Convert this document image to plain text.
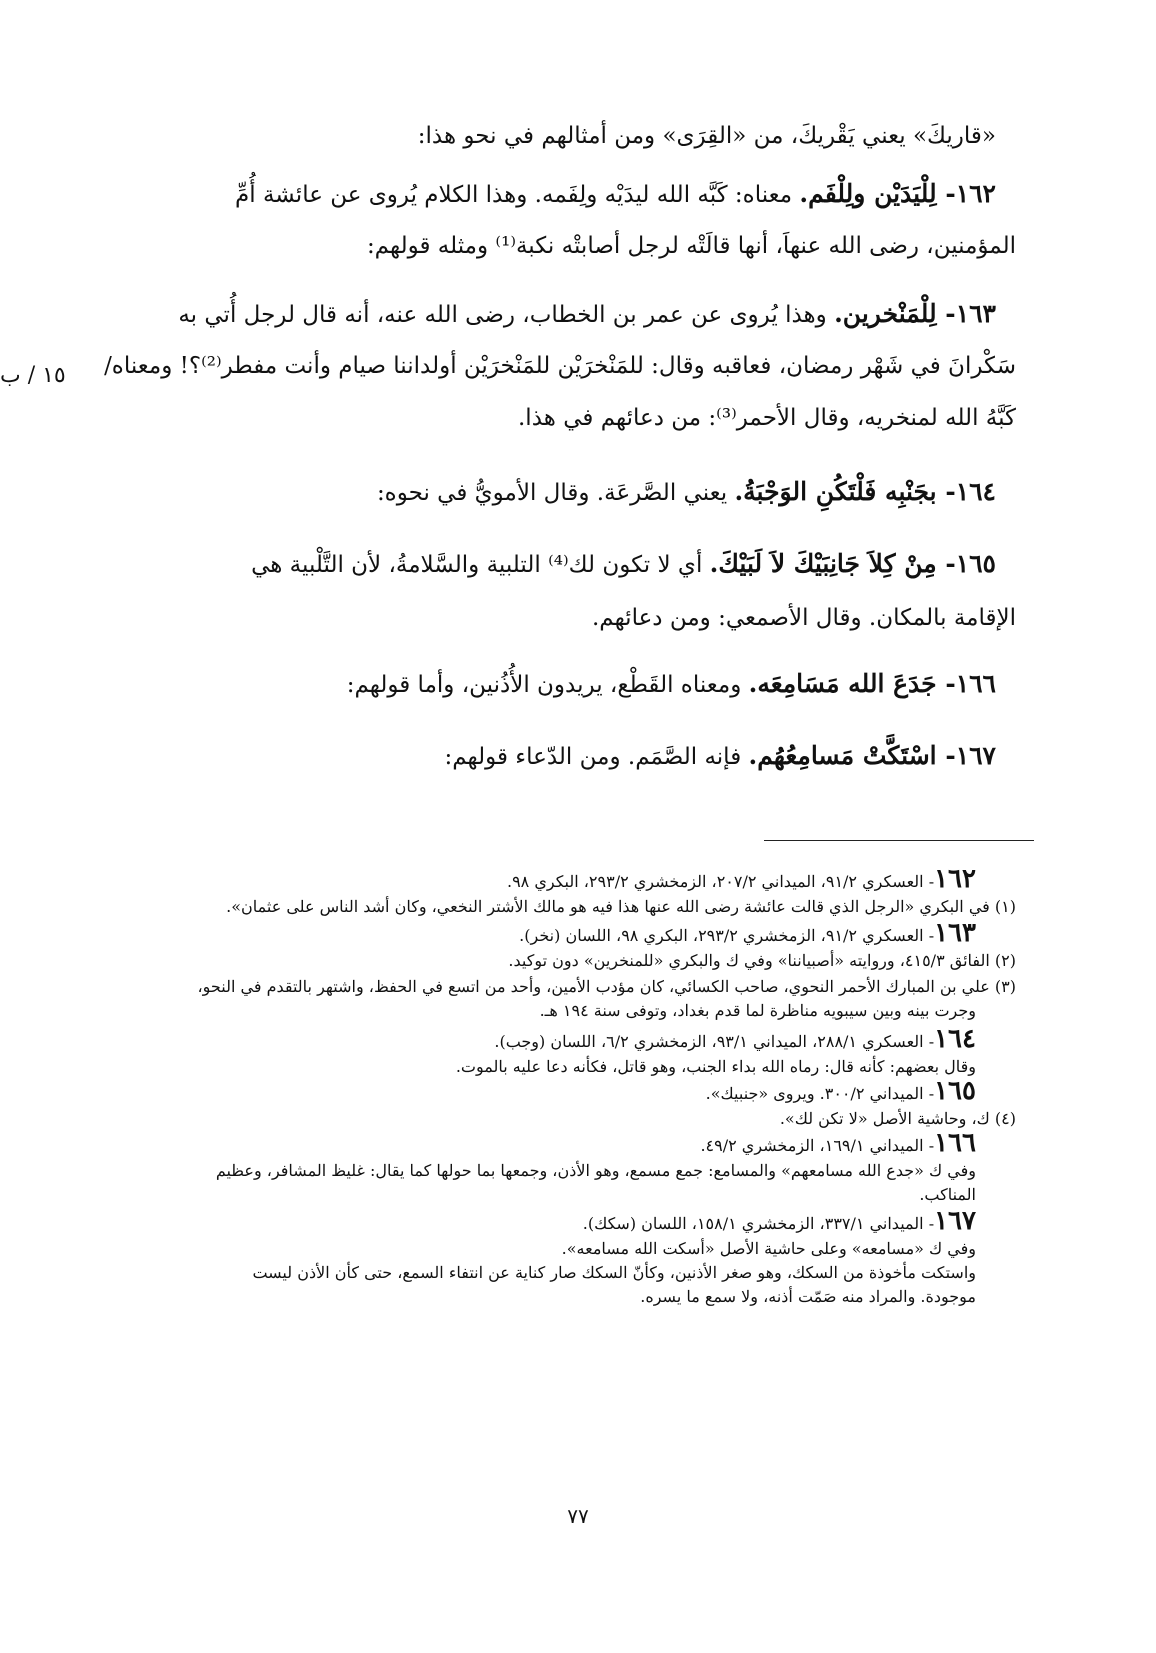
«قاريكَ» يعني يَقْريكَ، من «القِرَى» ومن أمثالهم في نحو هذا:
١٦٢- لِلْيَدَيْن ولِلْفَم. معناه: كَبَّه الله ليدَيْه ولِفَمه. وهذا الكلام يُروى عن عائشة أُمِّ
المؤمنين، رضى الله عنهاَ، أنها قالَتْه لرجل أصابتْه نكبة⁽¹⁾ ومثله قولهم:
١٦٣- لِلْمَنْخرين. وهذا يُروى عن عمر بن الخطاب، رضى الله عنه، أنه قال لرجل أُتي به
سَكْرانَ في شَهْر رمضان، فعاقبه وقال: للمَنْخرَيْن للمَنْخرَيْن أولداننا صيام وأنت مفطر⁽²⁾؟! ومعناه/
كَبَّهُ الله لمنخريه، وقال الأحمر⁽³⁾: من دعائهم في هذا.
١٥ / ب
١٦٤- بجَنْبِه فَلْتَكُنِ الوَجْبَةُ. يعني الصَّرعَة. وقال الأمويُّ في نحوه:
١٦٥- مِنْ كِلاَ جَانِبَيْكَ لاَ لَبَيْكَ. أي لا تكون لك⁽⁴⁾ التلبية والسَّلامةُ، لأن التَّلْبية هي
الإقامة بالمكان. وقال الأصمعي: ومن دعائهم.
١٦٦- جَدَعَ الله مَسَامِعَه. ومعناه القَطْع، يريدون الأُذُنين، وأما قولهم:
١٦٧- اسْتَكَّتْ مَسامِعُهُم. فإنه الصَّمَم. ومن الدّعاء قولهم:
١٦٢- العسكري ٩١/٢، الميداني ٢٠٧/٢، الزمخشري ٢٩٣/٢، البكري ٩٨.
(١) في البكري «الرجل الذي قالت عائشة رضى الله عنها هذا فيه هو مالك الأشتر النخعي، وكان أشد الناس على عثمان».
١٦٣- العسكري ٩١/٢، الزمخشري ٢٩٣/٢، البكري ٩٨، اللسان (نخر).
(٢) الفائق ٤١٥/٣، وروايته «أصبياننا» وفي ك والبكري «للمنخرين» دون توكيد.
(٣) علي بن المبارك الأحمر النحوي، صاحب الكسائي، كان مؤدب الأمين، وأحد من اتسع في الحفظ، واشتهر بالتقدم في النحو،
وجرت بينه وبين سيبويه مناظرة لما قدم بغداد، وتوفى سنة ١٩٤ هـ.
١٦٤- العسكري ٢٨٨/١، الميداني ٩٣/١، الزمخشري ٦/٢، اللسان (وجب).
وقال بعضهم: كأنه قال: رماه الله بداء الجنب، وهو قاتل، فكأنه دعا عليه بالموت.
١٦٥- الميداني ٣٠٠/٢. ويروى «جنبيك».
(٤) ك، وحاشية الأصل «لا تكن لك».
١٦٦- الميداني ١٦٩/١، الزمخشري ٤٩/٢.
وفي ك «جدع الله مسامعهم» والمسامع: جمع مسمع، وهو الأذن، وجمعها بما حولها كما يقال: غليظ المشافر، وعظيم
المناكب.
١٦٧- الميداني ٣٣٧/١، الزمخشري ١٥٨/١، اللسان (سكك).
وفي ك «مسامعه» وعلى حاشية الأصل «أسكت الله مسامعه».
واستكت مأخوذة من السكك، وهو صغر الأذنين، وكأنّ السكك صار كناية عن انتفاء السمع، حتى كأن الأذن ليست
موجودة. والمراد منه صَمّت أذنه، ولا سمع ما يسره.
٧٧
